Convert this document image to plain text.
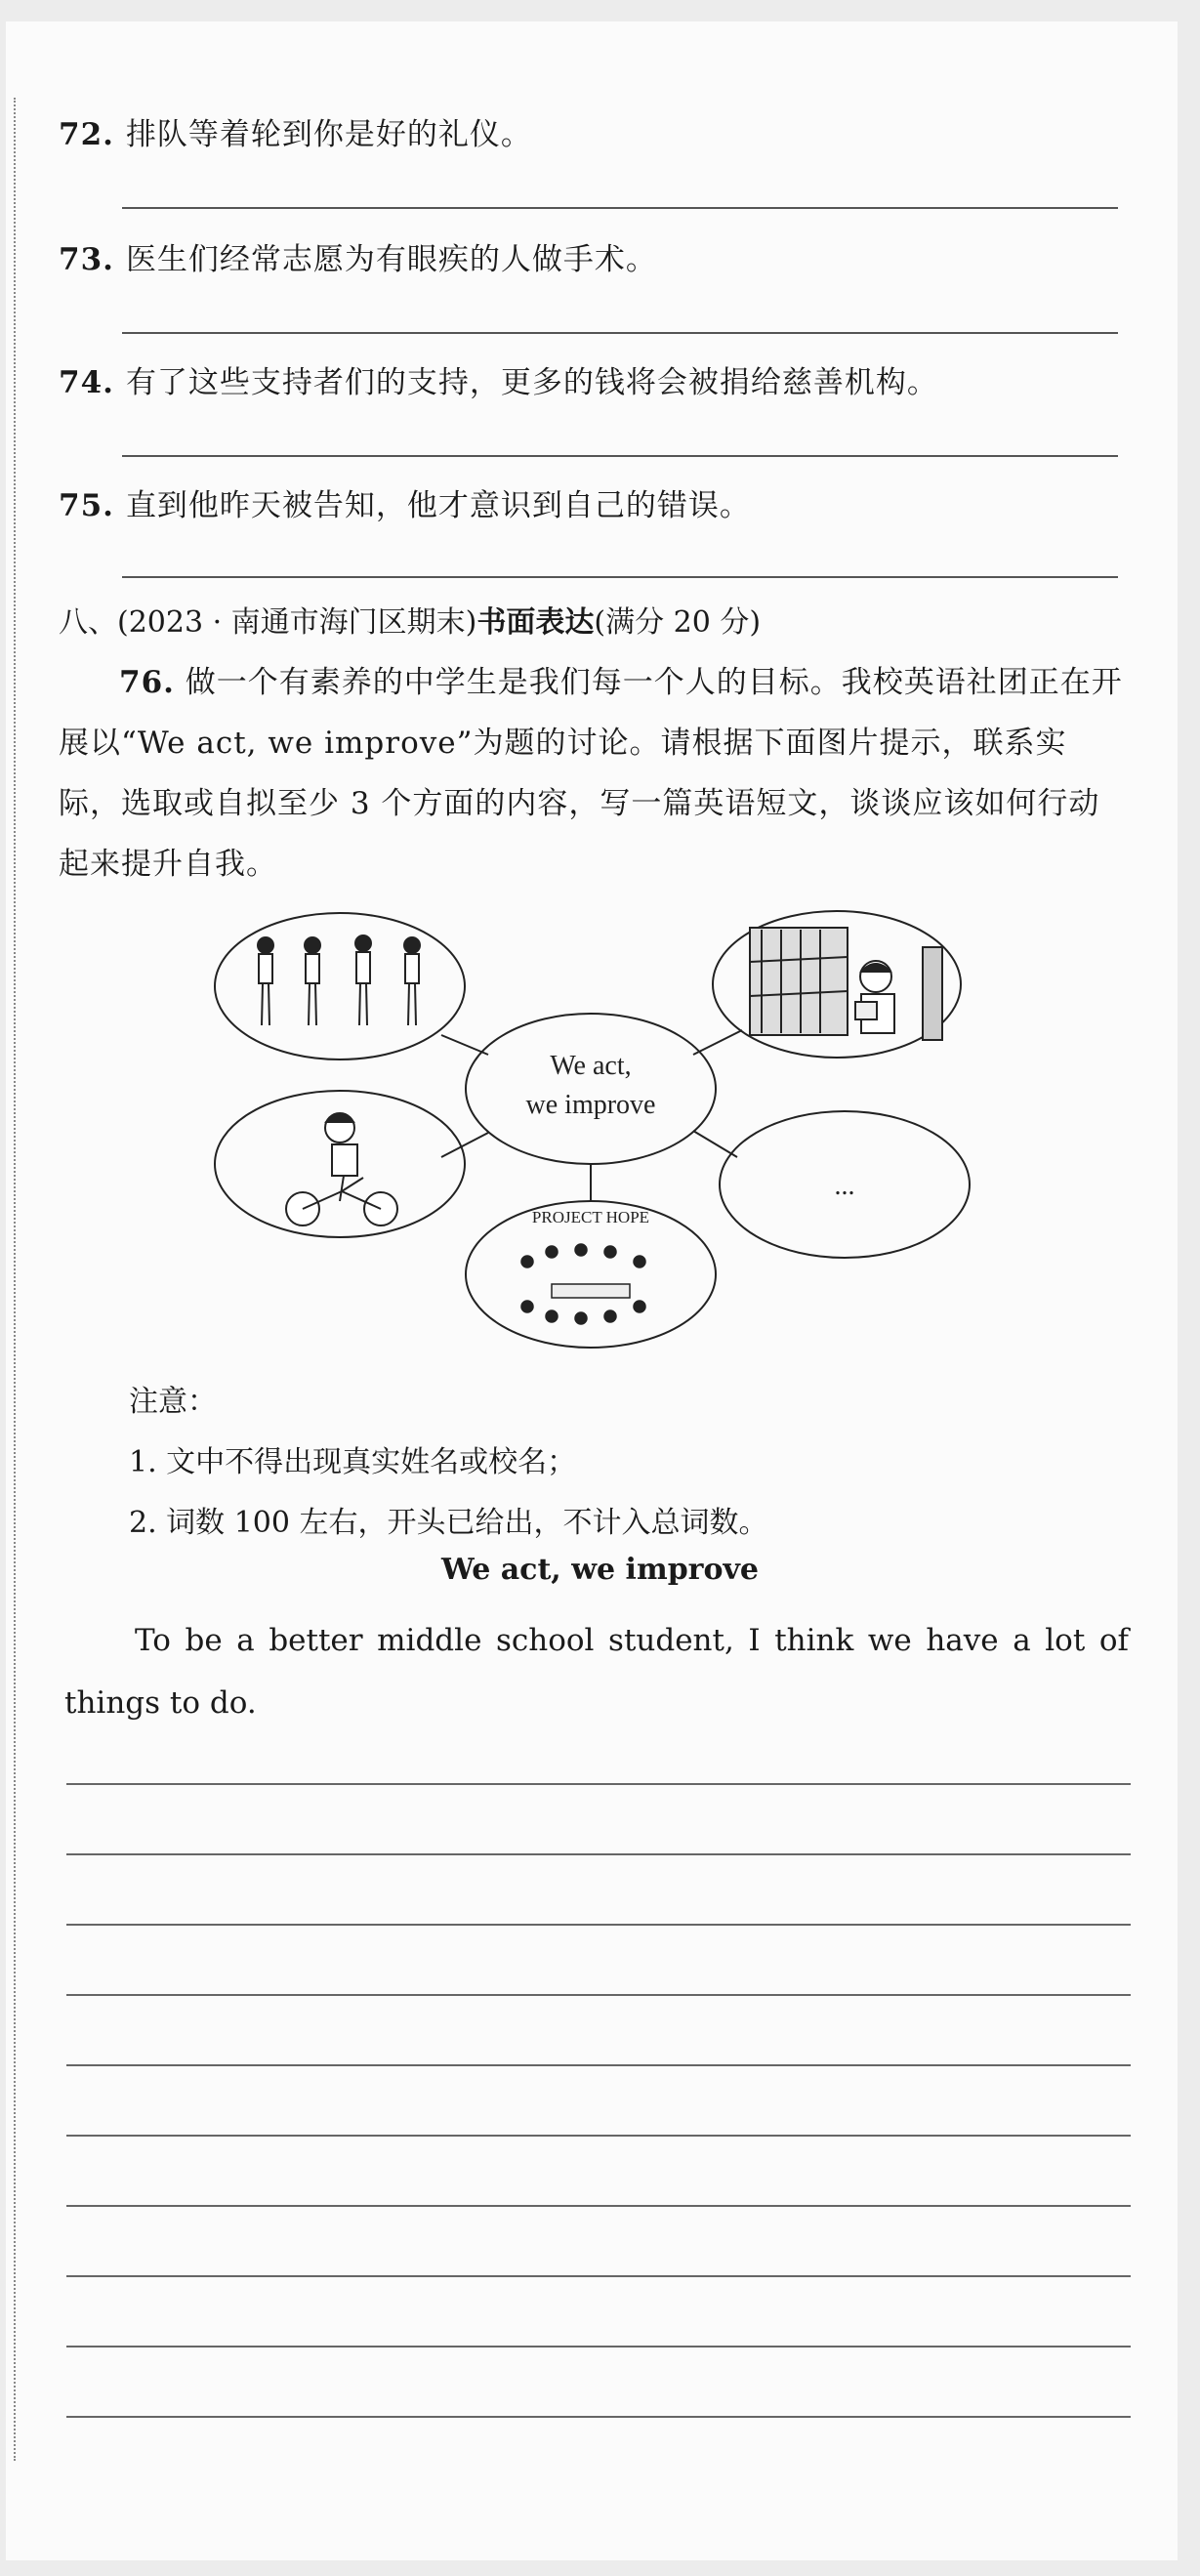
72. 排队等着轮到你是好的礼仪。
73. 医生们经常志愿为有眼疾的人做手术。
74. 有了这些支持者们的支持，更多的钱将会被捐给慈善机构。
75. 直到他昨天被告知，他才意识到自己的错误。
八、(2023 · 南通市海门区期末)书面表达(满分 20 分)
76. 做一个有素养的中学生是我们每一个人的目标。我校英语社团正在开展以“We act, we improve”为题的讨论。请根据下面图片提示，联系实际，选取或自拟至少 3 个方面的内容，写一篇英语短文，谈谈应该如何行动起来提升自我。
We act,
we improve
PROJECT HOPE
...
注意：
1. 文中不得出现真实姓名或校名；
2. 词数 100 左右，开头已给出，不计入总词数。
We act, we improve
To be a better middle school student, I think we have a lot of things to do.
